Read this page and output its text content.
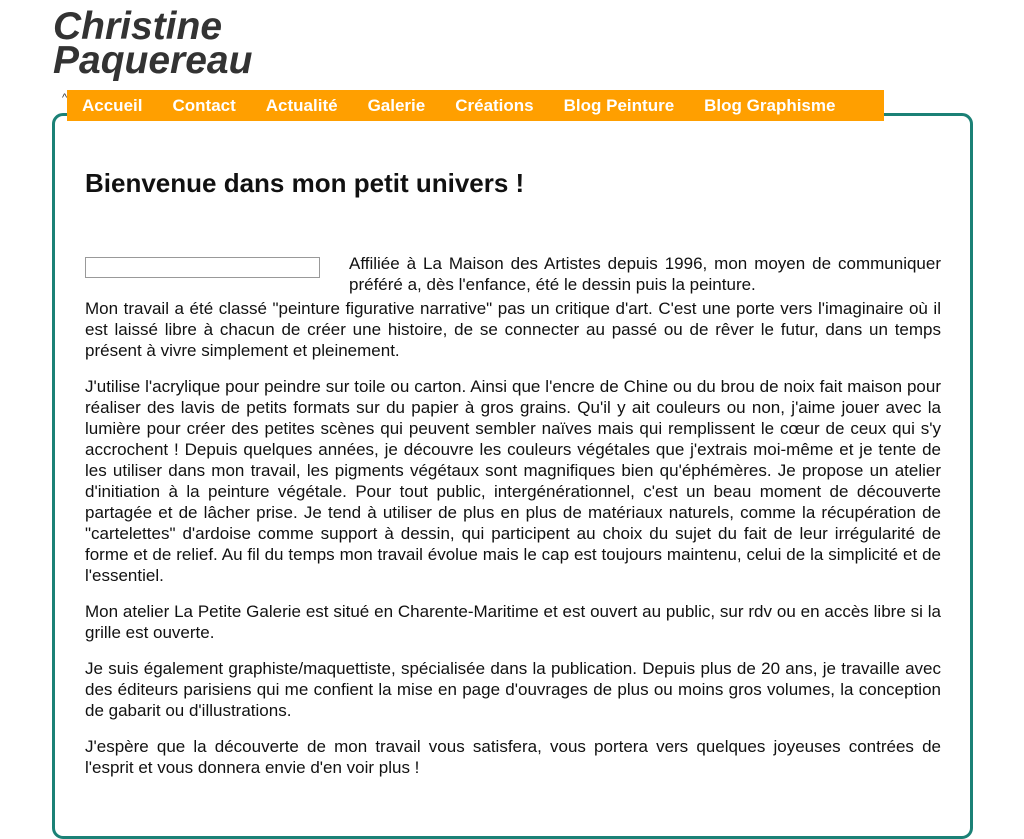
Christine
Paquereau
^ Accueil Contact Actualité Galerie Créations Blog Peinture Blog Graphisme
Bienvenue dans mon petit univers !

Affiliée à La Maison des Artistes depuis 1996, mon moyen de communiquer préféré a, dès l'enfance, été le dessin puis la peinture.

Mon travail a été classé "peinture figurative narrative" pas un critique d'art. C'est une porte vers l'imaginaire où il est laissé libre à chacun de créer une histoire, de se connecter au passé ou de rêver le futur, dans un temps présent à vivre simplement et pleinement.

J'utilise l'acrylique pour peindre sur toile ou carton. Ainsi que l'encre de Chine ou du brou de noix fait maison pour réaliser des lavis de petits formats sur du papier à gros grains. Qu'il y ait couleurs ou non, j'aime jouer avec la lumière pour créer des petites scènes qui peuvent sembler naïves mais qui remplissent le cœur de ceux qui s'y accrochent ! Depuis quelques années, je découvre les couleurs végétales que j'extrais moi-même et je tente de les utiliser dans mon travail, les pigments végétaux sont magnifiques bien qu'éphémères. Je propose un atelier d'initiation à la peinture végétale. Pour tout public, intergénérationnel, c'est un beau moment de découverte partagée et de lâcher prise. Je tend à utiliser de plus en plus de matériaux naturels, comme la récupération de "cartelettes" d'ardoise comme support à dessin, qui participent au choix du sujet du fait de leur irrégularité de forme et de relief. Au fil du temps mon travail évolue mais le cap est toujours maintenu, celui de la simplicité et de l'essentiel.

Mon atelier La Petite Galerie est situé en Charente-Maritime et est ouvert au public, sur rdv ou en accès libre si la grille est ouverte.

Je suis également graphiste/maquettiste, spécialisée dans la publication. Depuis plus de 20 ans, je travaille avec des éditeurs parisiens qui me confient la mise en page d'ouvrages de plus ou moins gros volumes, la conception de gabarit ou d'illustrations.

J'espère que la découverte de mon travail vous satisfera, vous portera vers quelques joyeuses contrées de l'esprit et vous donnera envie d'en voir plus !
